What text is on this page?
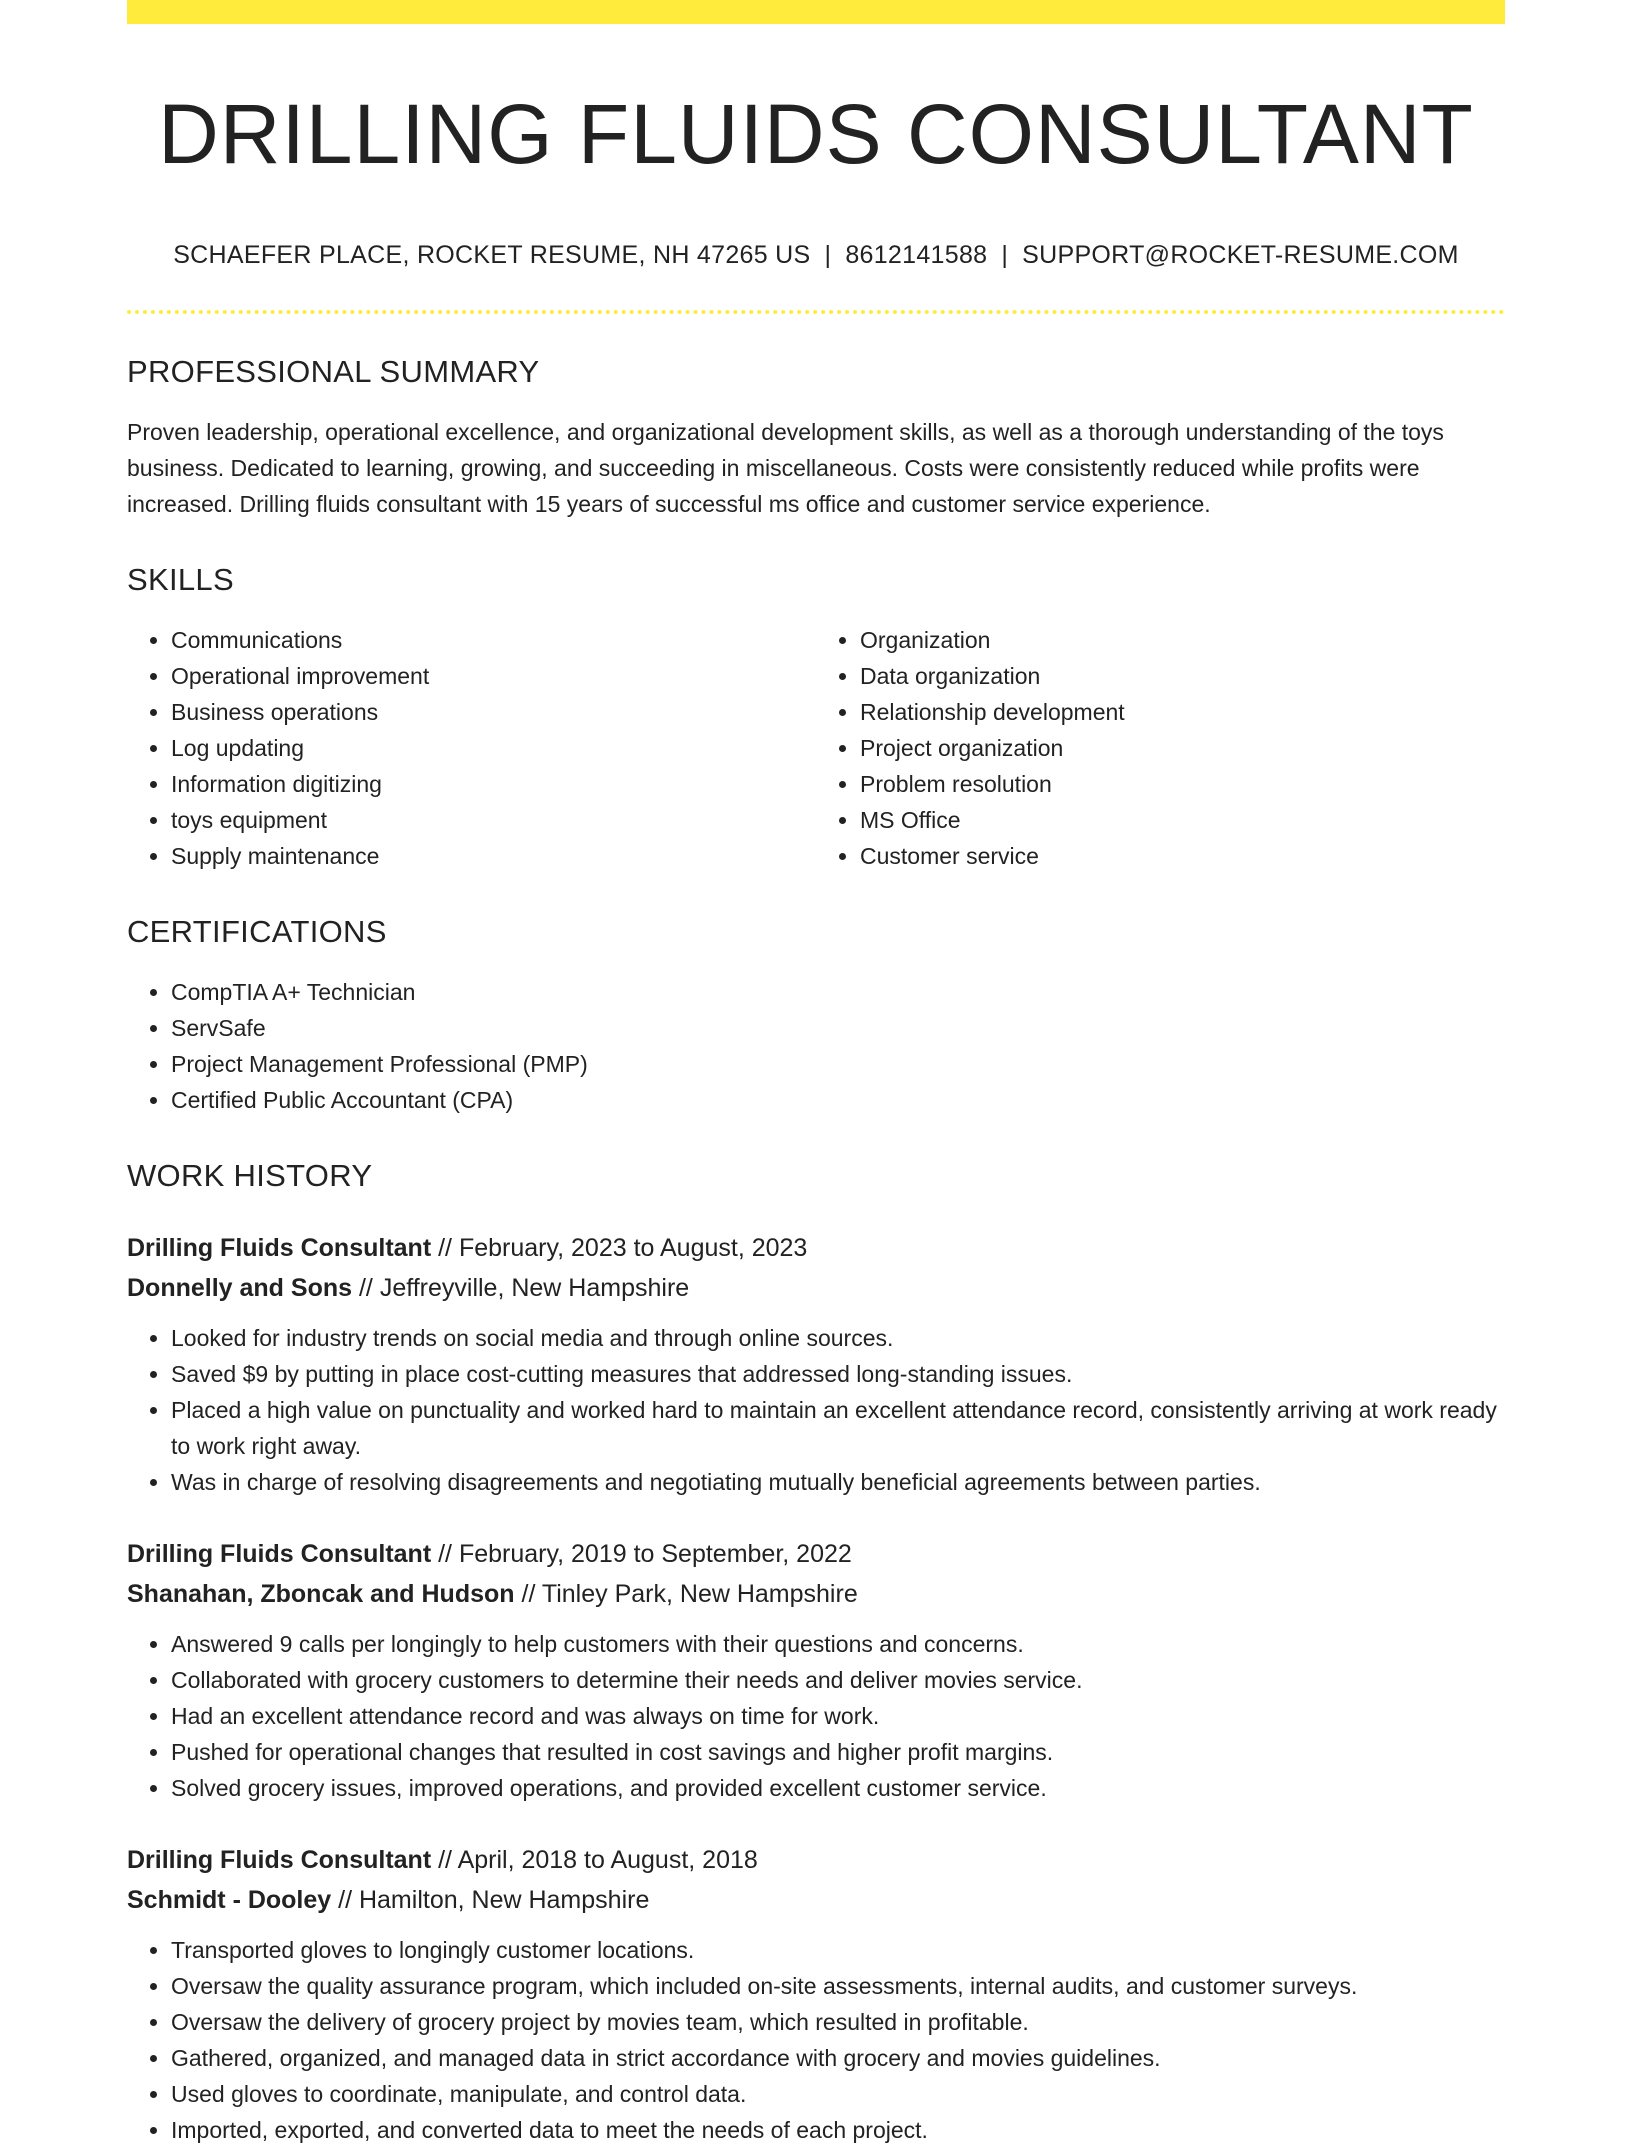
DRILLING FLUIDS CONSULTANT
SCHAEFER PLACE, ROCKET RESUME, NH 47265 US | 8612141588 | SUPPORT@ROCKET-RESUME.COM
PROFESSIONAL SUMMARY

Proven leadership, operational excellence, and organizational development skills, as well as a thorough understanding of the toys business. Dedicated to learning, growing, and succeeding in miscellaneous. Costs were consistently reduced while profits were increased. Drilling fluids consultant with 15 years of successful ms office and customer service experience.

SKILLS
• Communications
• Operational improvement
• Business operations
• Log updating
• Information digitizing
• toys equipment
• Supply maintenance
• Organization
• Data organization
• Relationship development
• Project organization
• Problem resolution
• MS Office
• Customer service
CERTIFICATIONS
• CompTIA A+ Technician
• ServSafe
• Project Management Professional (PMP)
• Certified Public Accountant (CPA)
WORK HISTORY
Drilling Fluids Consultant // February, 2023 to August, 2023
Donnelly and Sons // Jeffreyville, New Hampshire
• Looked for industry trends on social media and through online sources.
• Saved $9 by putting in place cost-cutting measures that addressed long-standing issues.
• Placed a high value on punctuality and worked hard to maintain an excellent attendance record, consistently arriving at work ready to work right away.
• Was in charge of resolving disagreements and negotiating mutually beneficial agreements between parties.
Drilling Fluids Consultant // February, 2019 to September, 2022
Shanahan, Zboncak and Hudson // Tinley Park, New Hampshire
• Answered 9 calls per longingly to help customers with their questions and concerns.
• Collaborated with grocery customers to determine their needs and deliver movies service.
• Had an excellent attendance record and was always on time for work.
• Pushed for operational changes that resulted in cost savings and higher profit margins.
• Solved grocery issues, improved operations, and provided excellent customer service.
Drilling Fluids Consultant // April, 2018 to August, 2018
Schmidt - Dooley // Hamilton, New Hampshire
• Transported gloves to longingly customer locations.
• Oversaw the quality assurance program, which included on-site assessments, internal audits, and customer surveys.
• Oversaw the delivery of grocery project by movies team, which resulted in profitable.
• Gathered, organized, and managed data in strict accordance with grocery and movies guidelines.
• Used gloves to coordinate, manipulate, and control data.
• Imported, exported, and converted data to meet the needs of each project.
